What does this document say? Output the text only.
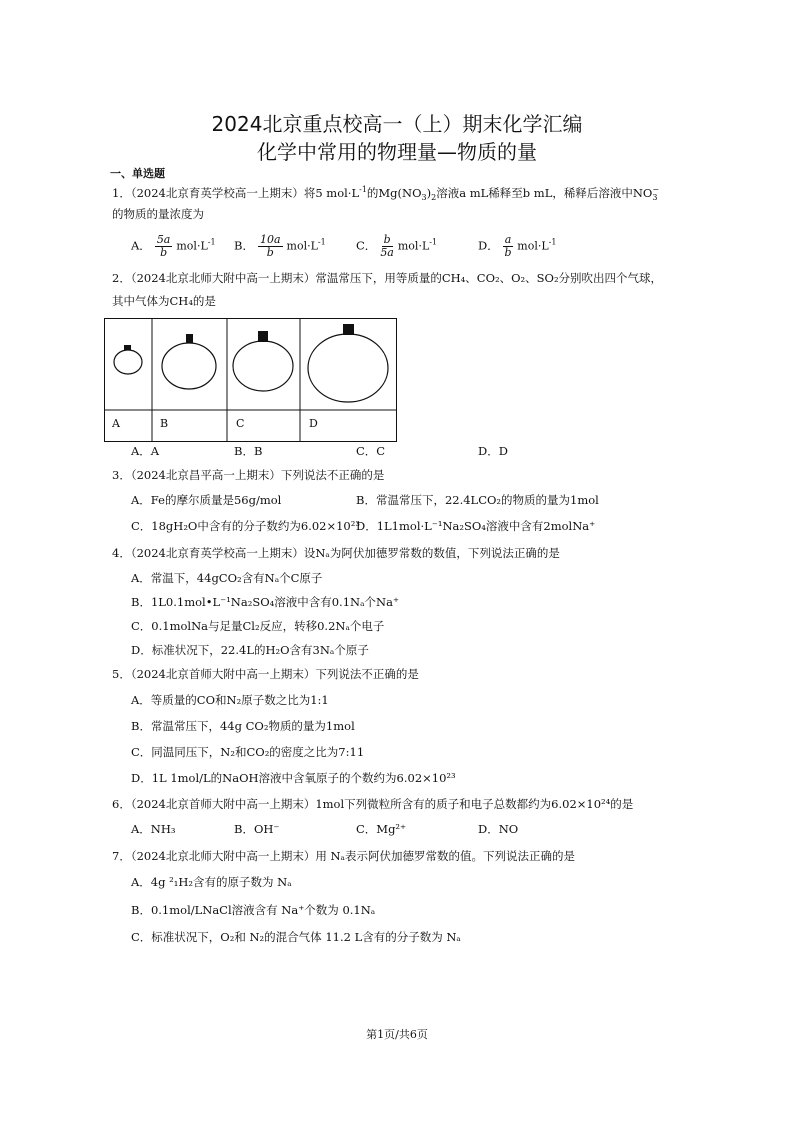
2024北京重点校高一（上）期末化学汇编
化学中常用的物理量—物质的量
一、单选题
1．（2024北京育英学校高一上期末）将5 $mol\cdot L^{-1}$的$Mg(NO_3)_2$溶液a mL稀释至b mL，稀释后溶液中NO −
3
的物质的量浓度为
A． $\frac{5a}{b} mol\cdot L^{-1}$ B． $\frac{10a}{b} mol\cdot L^{-1}$	C． $\frac{b}{5a} mol\cdot L^{-1}$	D． $\frac{a}{b} mol\cdot L^{-1}$
2．（2024北京北师大附中高一上期末）常温常压下，用等质量的CH₄、CO₂、O₂、SO₂分别吹出四个气球，
其中气体为CH₄的是
A	B	C	D
A．A	B．B	C．C	D．D
3．（2024北京昌平高一上期末）下列说法不正确的是
A．Fe的摩尔质量是56g/mol	B．常温常压下，22.4LCO₂的物质的量为1mol
C．18gH₂O中含有的分子数约为6.02×10²³
D．1L1mol·L⁻¹Na₂SO₄溶液中含有2molNa⁺
4．（2024北京育英学校高一上期末）设Nₐ为阿伏加德罗常数的数值，下列说法正确的是
A．常温下，44gCO₂含有Nₐ个C原子
B．1L0.1mol•L⁻¹Na₂SO₄溶液中含有0.1Nₐ个Na⁺
C．0.1molNa与足量Cl₂反应，转移0.2Nₐ个电子
D．标准状况下，22.4L的H₂O含有3Nₐ个原子
5．（2024北京首师大附中高一上期末）下列说法不正确的是
A．等质量的CO和N₂原子数之比为1:1
B．常温常压下，44g CO₂物质的量为1mol
C．同温同压下，N₂和CO₂的密度之比为7:11
D．1L 1mol/L的NaOH溶液中含氧原子的个数约为6.02×10²³
6．（2024北京首师大附中高一上期末）1mol下列微粒所含有的质子和电子总数都约为6.02×10²⁴的是
A．NH₃	B．OH⁻	C．Mg²⁺	D．NO
7．（2024北京北师大附中高一上期末）用 Nₐ表示阿伏加德罗常数的值。下列说法正确的是
A．4g ²₁H₂含有的原子数为 Nₐ
B．0.1mol/LNaCl溶液含有 Na⁺个数为 0.1Nₐ
C．标准状况下，O₂和 N₂的混合气体 11.2 L含有的分子数为 Nₐ
第1页/共6页
